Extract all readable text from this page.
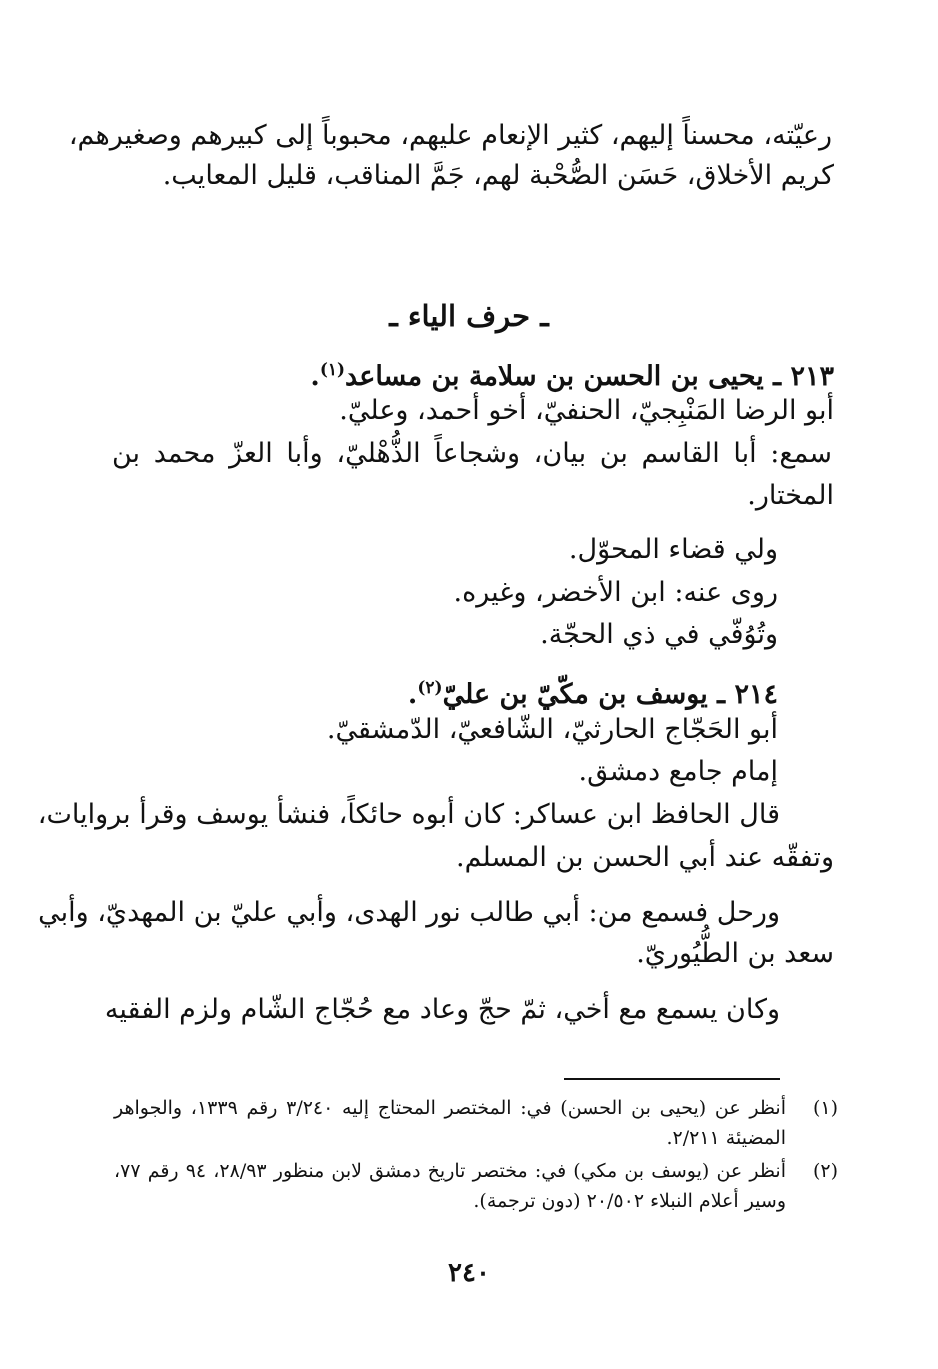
رعيّته، محسناً إليهم، كثير الإنعام عليهم، محبوباً إلى كبيرهم وصغيرهم،
كريم الأخلاق، حَسَن الصُّحْبة لهم، جَمَّ المناقب، قليل المعايب.
ـ حرف الياء ـ
٢١٣ ـ يحيى بن الحسن بن سلامة بن مساعد$^{(١)}$.
أبو الرضا المَنْبِجيّ، الحنفيّ، أخو أحمد، وعليّ.
سمع: أبا القاسم بن بيان، وشجاعاً الذُّهْليّ، وأبا العزّ محمد بن
المختار.
ولي قضاء المحوّل.
روى عنه: ابن الأخضر، وغيره.
وتُوُفّي في ذي الحجّة.
٢١٤ ـ يوسف بن مكّيّ بن عليّ$^{(٢)}$.
أبو الحَجّاج الحارثيّ، الشّافعيّ، الدّمشقيّ.
إمام جامع دمشق.
قال الحافظ ابن عساكر: كان أبوه حائكاً، فنشأ يوسف وقرأ بروايات،
وتفقّه عند أبي الحسن بن المسلم.
ورحل فسمع من: أبي طالب نور الهدى، وأبي عليّ بن المهديّ، وأبي
سعد بن الطُّيُوريّ.
وكان يسمع مع أخي، ثمّ حجّ وعاد مع حُجّاج الشّام ولزم الفقيه
(١)
أنظر عن (يحيى بن الحسن) في: المختصر المحتاج إليه ٣/٢٤٠ رقم ١٣٣٩، والجواهر
المضيئة ٢/٢١١.
(٢)
أنظر عن (يوسف بن مكي) في: مختصر تاريخ دمشق لابن منظور ٢٨/٩٣، ٩٤ رقم ٧٧،
وسير أعلام النبلاء ٢٠/٥٠٢ (دون ترجمة).
٢٤٠
